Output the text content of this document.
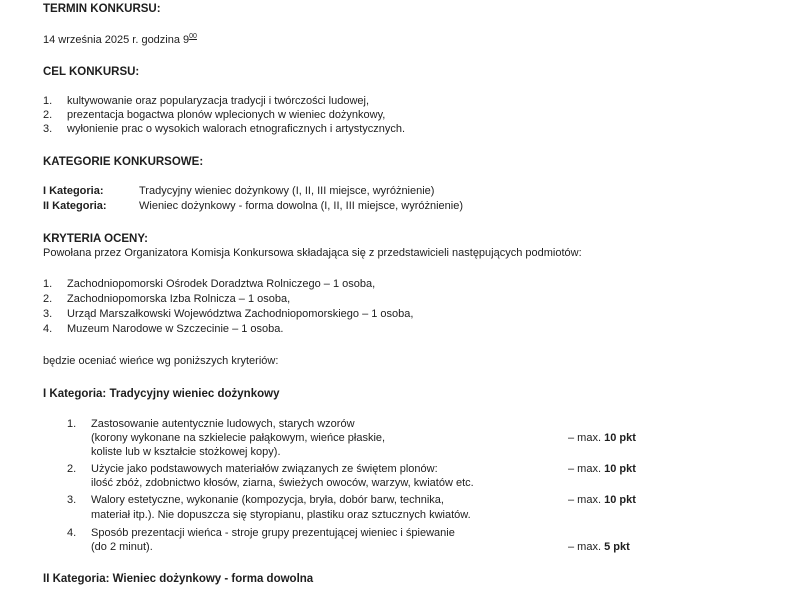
TERMIN KONKURSU:
14 września 2025 r. godzina $9^{00}$
CEL KONKURSU:
1. kultywowanie oraz popularyzacja tradycji i twórczości ludowej,
2. prezentacja bogactwa plonów wplecionych w wieniec dożynkowy,
3. wyłonienie prac o wysokich walorach etnograficznych i artystycznych.
KATEGORIE KONKURSOWE:
I Kategoria:	Tradycyjny wieniec dożynkowy (I, II, III miejsce, wyróżnienie)
II Kategoria:	Wieniec dożynkowy - forma dowolna (I, II, III miejsce, wyróżnienie)
KRYTERIA OCENY:
Powołana przez Organizatora Komisja Konkursowa składająca się z przedstawicieli następujących podmiotów:
1. Zachodniopomorski Ośrodek Doradztwa Rolniczego – 1 osoba,
2. Zachodniopomorska Izba Rolnicza – 1 osoba,
3. Urząd Marszałkowski Województwa Zachodniopomorskiego – 1 osoba,
4. Muzeum Narodowe w Szczecinie – 1 osoba.
będzie oceniać wieńce wg poniższych kryteriów:
I Kategoria: Tradycyjny wieniec dożynkowy
1. Zastosowanie autentycznie ludowych, starych wzorów
(korony wykonane na szkielecie pałąkowym, wieńce płaskie,
koliste lub w kształcie stożkowej kopy).
– max. 10 pkt
2. Użycie jako podstawowych materiałów związanych ze świętem plonów:
ilość zbóż, zdobnictwo kłosów, ziarna, świeżych owoców, warzyw, kwiatów etc.
– max. 10 pkt
3. Walory estetyczne, wykonanie (kompozycja, bryła, dobór barw, technika,
materiał itp.). Nie dopuszcza się styropianu, plastiku oraz sztucznych kwiatów.
– max. 10 pkt
4. Sposób prezentacji wieńca - stroje grupy prezentującej wieniec i śpiewanie
(do 2 minut).	– max. 5 pkt
II Kategoria: Wieniec dożynkowy - forma dowolna
